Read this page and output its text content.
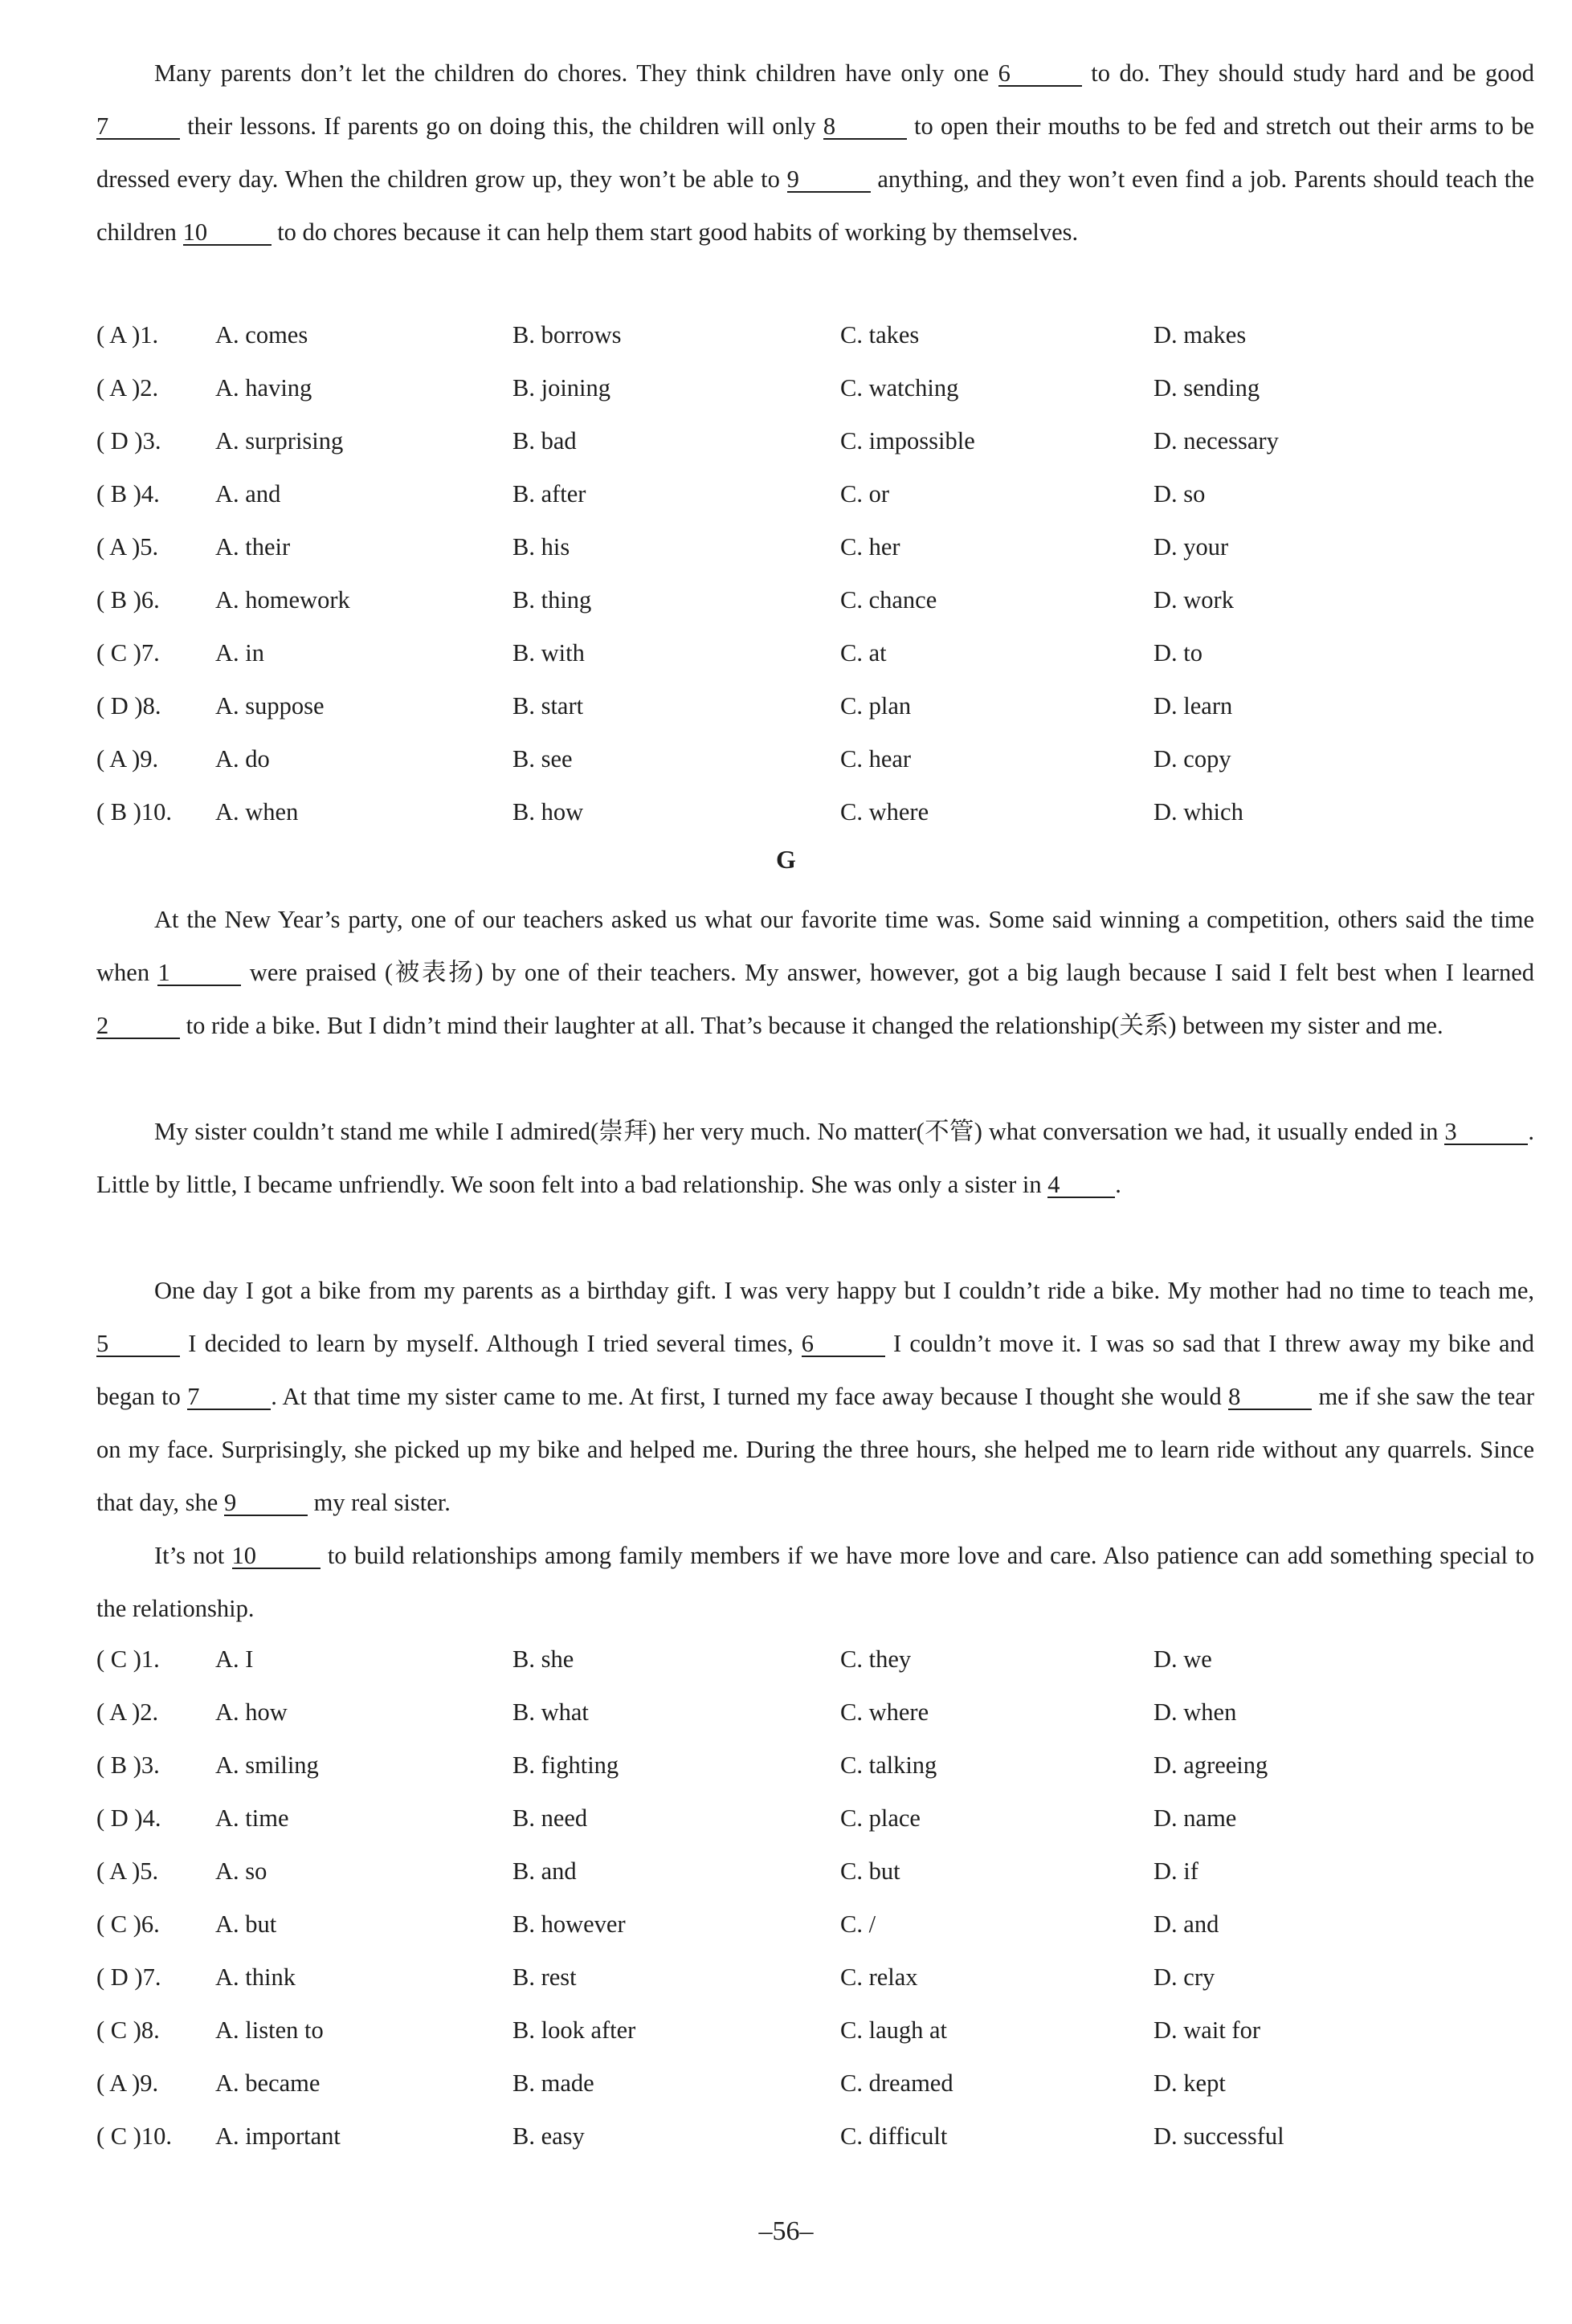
Many parents don’t let the children do chores. They think children have only one 6	to do. They should study hard and be good 7	their lessons. If parents go on doing this, the children will only 8	to open their mouths to be fed and stretch out their arms to be dressed every day. When the children grow up, they won’t be able to 9	anything, and they won’t even find a job. Parents should teach the children 10	to do chores because it can help them start good habits of working by themselves.

( A )1. A. comes	B. borrows	C. takes	D. makes
( A )2. A. having	B. joining	C. watching	D. sending
( D )3. A. surprising	B. bad	C. impossible	D. necessary
( B )4. A. and	B. after	C. or	D. so
( A )5. A. their	B. his	C. her	D. your
( B )6. A. homework	B. thing	C. chance	D. work
( C )7. A. in	B. with	C. at	D. to
( D )8. A. suppose	B. start	C. plan	D. learn
( A )9. A. do	B. see	C. hear	D. copy
( B )10. A. when	B. how	C. where	D. which
G

At the New Year’s party, one of our teachers asked us what our favorite time was. Some said winning a competition, others said the time when 1	were praised (被表扬) by one of their teachers. My answer, however, got a big laugh because I said I felt best when I learned 2	to ride a bike. But I didn’t mind their laughter at all. That’s because it changed the relationship(关系) between my sister and me.

My sister couldn’t stand me while I admired(崇拜) her very much. No matter(不管) what conversation we had, it usually ended in 3	. Little by little, I became unfriendly. We soon felt into a bad relationship. She was only a sister in 4 .

One day I got a bike from my parents as a birthday gift. I was very happy but I couldn’t ride a bike. My mother had no time to teach me, 5	I decided to learn by myself. Although I tried several times, 6	I couldn’t move it. I was so sad that I threw away my bike and began to 7	. At that time my sister came to me. At first, I turned my face away because I thought she would 8	me if she saw the tear on my face. Surprisingly, she picked up my bike and helped me. During the three hours, she helped me to learn ride without any quarrels. Since that day, she 9	my real sister.

It’s not 10	to build relationships among family members if we have more love and care. Also patience can add something special to the relationship.

( C )1. A. I	B. she	C. they	D. we
( A )2. A. how	B. what	C. where	D. when
( B )3. A. smiling	B. fighting	C. talking	D. agreeing
( D )4. A. time	B. need	C. place	D. name
( A )5. A. so	B. and	C. but	D. if
( C )6. A. but	B. however	C. /	D. and
( D )7. A. think	B. rest	C. relax	D. cry
( C )8. A. listen to	B. look after	C. laugh at	D. wait for
( A )9. A. became	B. made	C. dreamed	D. kept
( C )10. A. important	B. easy	C. difficult	D. successful
–56–
